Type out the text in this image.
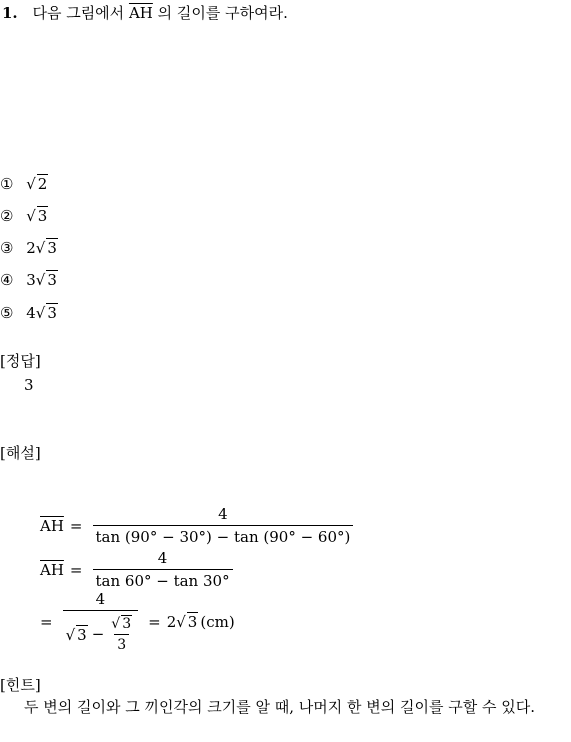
1. 다음 그림에서 $\overline{AH}$ 의 길이를 구하여라.
① √ 2
② √ 3
③ 2√ 3
④ 3√ 3
⑤ 4√ 3
[정답]
3
[해설]
$\overline{AH} = \frac{4}{\tan (90^\circ - 30^\circ) - \tan (90^\circ - 60^\circ)}$
$\overline{AH} = \frac{4}{\tan 60^\circ - \tan 30^\circ}$
= $\frac{4}{√ 3 - \frac{√ 3}{3}} = 2$ √ 3 (cm)
[힌트]
두 변의 길이와 그 끼인각의 크기를 알 때, 나머지 한 변의 길이를 구할 수 있다.
